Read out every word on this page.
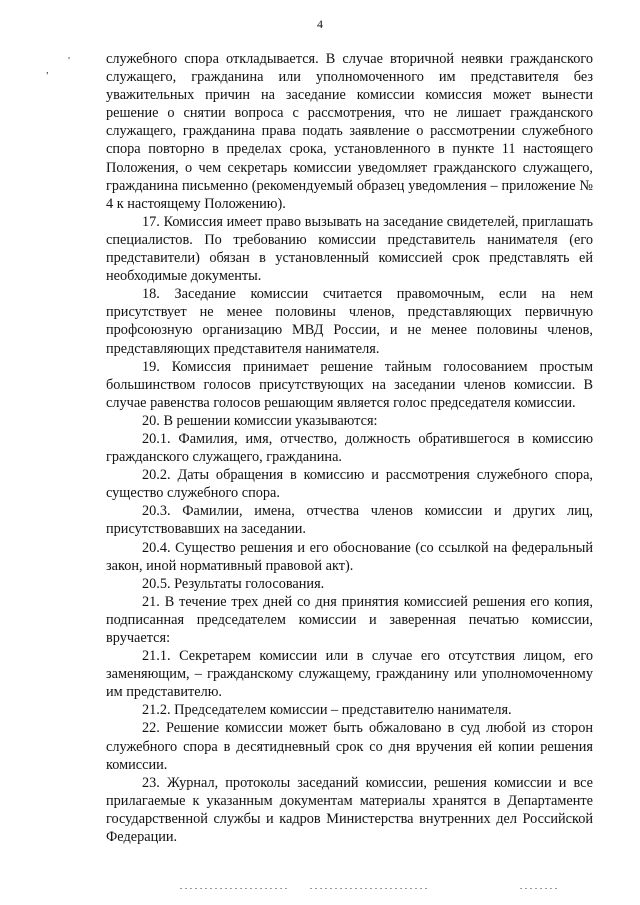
4
'
,

служебного спора откладывается. В случае вторичной неявки гражданского служащего, гражданина или уполномоченного им представителя без уважительных причин на заседание комиссии комиссия может вынести решение о снятии вопроса с рассмотрения, что не лишает гражданского служащего, гражданина права подать заявление о рассмотрении служебного спора повторно в пределах срока, установленного в пункте 11 настоящего Положения, о чем секретарь комиссии уведомляет гражданского служащего, гражданина письменно (рекомендуемый образец уведомления – приложение № 4 к настоящему Положению).

17. Комиссия имеет право вызывать на заседание свидетелей, приглашать специалистов. По требованию комиссии представитель нанимателя (его представители) обязан в установленный комиссией срок представлять ей необходимые документы.

18. Заседание комиссии считается правомочным, если на нем присутствует не менее половины членов, представляющих первичную профсоюзную организацию МВД России, и не менее половины членов, представляющих представителя нанимателя.

19. Комиссия принимает решение тайным голосованием простым большинством голосов присутствующих на заседании членов комиссии. В случае равенства голосов решающим является голос председателя комиссии.

20. В решении комиссии указываются:

20.1. Фамилия, имя, отчество, должность обратившегося в комиссию гражданского служащего, гражданина.

20.2. Даты обращения в комиссию и рассмотрения служебного спора, существо служебного спора.

20.3. Фамилии, имена, отчества членов комиссии и других лиц, присутствовавших на заседании.

20.4. Существо решения и его обоснование (со ссылкой на федеральный закон, иной нормативный правовой акт).

20.5. Результаты голосования.

21. В течение трех дней со дня принятия комиссией решения его копия, подписанная председателем комиссии и заверенная печатью комиссии, вручается:

21.1. Секретарем комиссии или в случае его отсутствия лицом, его заменяющим, – гражданскому служащему, гражданину или уполномоченному им представителю.

21.2. Председателем комиссии – представителю нанимателя.

22. Решение комиссии может быть обжаловано в суд любой из сторон служебного спора в десятидневный срок со дня вручения ей копии решения комиссии.

23. Журнал, протоколы заседаний комиссии, решения комиссии и все прилагаемые к указанным документам материалы хранятся в Департаменте государственной службы и кадров Министерства внутренних дел Российской Федерации.
